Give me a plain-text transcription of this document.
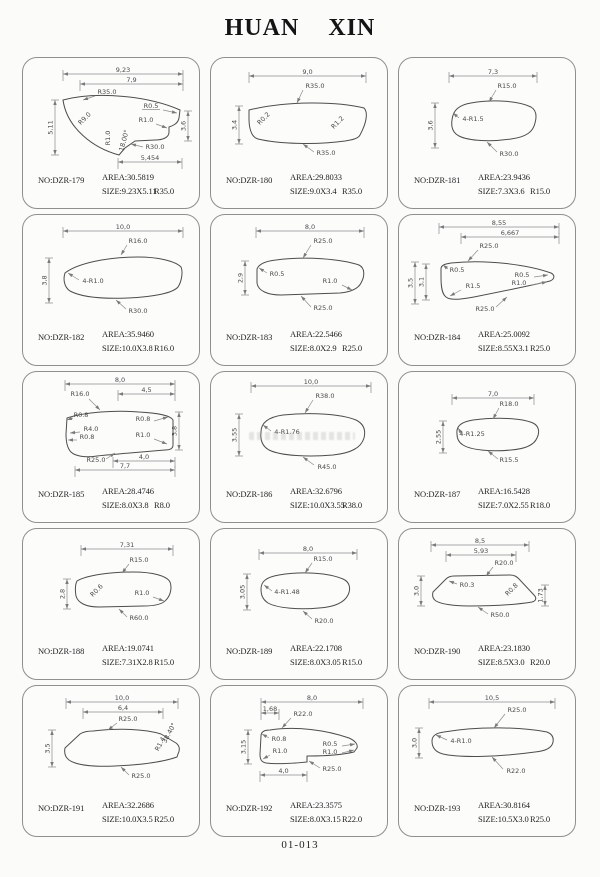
HUAN XIN
9,23
7,9
R35.0
R0.5
R1.0
R30.0
5,11	3,6
R9.0
R1.0 18.00°
5,454
NO:DZR-179 AREA:30.5819
SIZE:9.23X5.11
R35.0
9,0
R35.0
3,4	R0.2	R1.2
R35.0
NO:DZR-180 AREA:29.8033
SIZE:9.0X3.4 R35.0
7,3
R15.0
4-R1.5
3,6
R30.0
NO:DZR-181 AREA:23.9436
SIZE:7.3X3.6 R15.0
10,0
R16.0
4-R1.0
3,8
R30.0
NO:DZR-182 AREA:35.9460
SIZE:10.0X3.8 R16.0
8,0
R25.0
R0.5
R1.0
2,9
R25.0
NO:DZR-183 AREA:22.5466
SIZE:8.0X2.9 R25.0
8,55
6,667
R25.0
R0.5
R0.5
R1.0
R1.5
R25.0
3,5 3,1
NO:DZR-184 AREA:25.0092
SIZE:8.55X3.1 R25.0
8,0
4,5
R16.0
R0.8	R0.8
R4.0
R0.8	R1.0	3,8
R25.0	4,0
7,7
NO:DZR-185 AREA:28.4746
SIZE:8.0X3.8 R8.0
10,0
R38.0
4-R1.76
3,55
R45.0
NO:DZR-186 AREA:32.6796
SIZE:10.0X3.55
R38.0
7,0
R18.0
4-R1.25
2,55
R15.5
NO:DZR-187 AREA:16.5428
SIZE:7.0X2.55 R18.0
7,31
R15.0
R0.6	R1.0
2,8
R60.0
NO:DZR-188 AREA:19.0741
SIZE:7.31X2.8 R15.0
8,0
R15.0
4-R1.48
3,05
R20.0
NO:DZR-189 AREA:22.1708
SIZE:8.0X3.05 R15.0
8,5
5,93
R20.0
R0.3	R0.8
3,0	1,73
R50.0
NO:DZR-190 AREA:23.1830
SIZE:8.5X3.0 R20.0
10,0
6,4
R25.0
38.40°
R1.4
3,5
R25.0
NO:DZR-191 AREA:32.2686
SIZE:10.0X3.5 R25.0
8,0
1,68
R22.0
R0.8
R0.5
R1.0
R1.0
3,15
4,0	R25.0
NO:DZR-192 AREA:23.3575
SIZE:8.0X3.15 R22.0
10,5
R25.0
4-R1.0
3,0
R22.0
NO:DZR-193 AREA:30.8164
SIZE:10.5X3.0 R25.0
01-013
